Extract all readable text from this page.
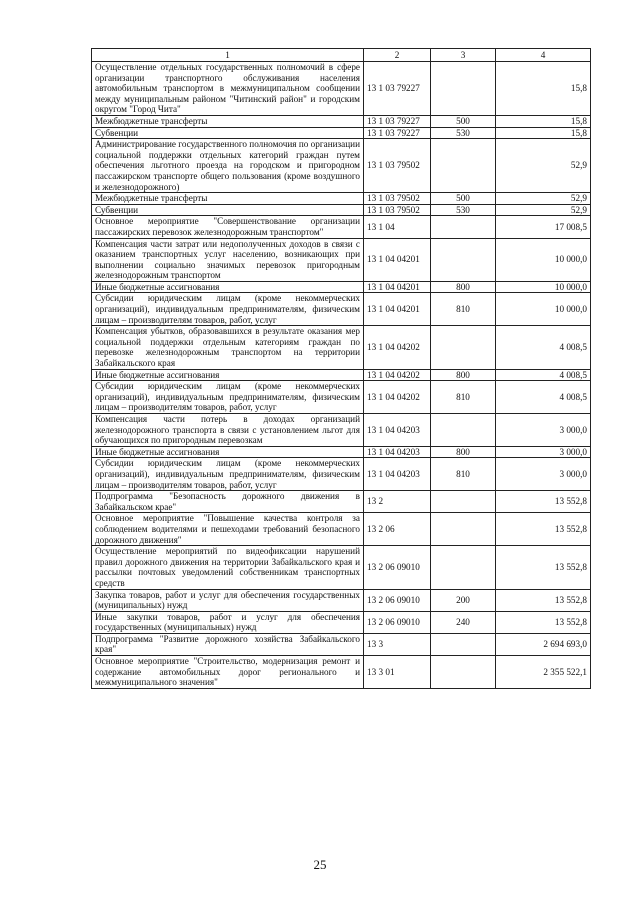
1	2	3	4
Осуществление отдельных государственных полномочий в сфере организации транспортного обслуживания населения автомобильным транспортом в межмуниципальном сообщении между муниципальным районом "Читинский район" и городским округом "Город Чита"	13 1 03 79227		15,8
Межбюджетные трансферты	13 1 03 79227	500	15,8
Субвенции	13 1 03 79227	530	15,8
Администрирование государственного полномочия по организации социальной поддержки отдельных категорий граждан путем обеспечения льготного проезда на городском и пригородном пассажирском транспорте общего пользования (кроме воздушного и железнодорожного)	13 1 03 79502		52,9
Межбюджетные трансферты	13 1 03 79502	500	52,9
Субвенции	13 1 03 79502	530	52,9
Основное мероприятие "Совершенствование организации пассажирских перевозок железнодорожным транспортом"	13 1 04		17 008,5
Компенсация части затрат или недополученных доходов в связи с оказанием транспортных услуг населению, возникающих при выполнении социально значимых перевозок пригородным железнодорожным транспортом	13 1 04 04201		10 000,0
Иные бюджетные ассигнования	13 1 04 04201	800	10 000,0
Субсидии юридическим лицам (кроме некоммерческих организаций), индивидуальным предпринимателям, физическим лицам – производителям товаров, работ, услуг	13 1 04 04201	810	10 000,0
Компенсация убытков, образовавшихся в результате оказания мер социальной поддержки отдельным категориям граждан по перевозке железнодорожным транспортом на территории Забайкальского края	13 1 04 04202		4 008,5
Иные бюджетные ассигнования	13 1 04 04202	800	4 008,5
Субсидии юридическим лицам (кроме некоммерческих организаций), индивидуальным предпринимателям, физическим лицам – производителям товаров, работ, услуг	13 1 04 04202	810	4 008,5
Компенсация части потерь в доходах организаций железнодорожного транспорта в связи с установлением льгот для обучающихся по пригородным перевозкам	13 1 04 04203		3 000,0
Иные бюджетные ассигнования	13 1 04 04203	800	3 000,0
Субсидии юридическим лицам (кроме некоммерческих организаций), индивидуальным предпринимателям, физическим лицам – производителям товаров, работ, услуг	13 1 04 04203	810	3 000,0
Подпрограмма "Безопасность дорожного движения в Забайкальском крае"	13 2		13 552,8
Основное мероприятие "Повышение качества контроля за соблюдением водителями и пешеходами требований безопасного дорожного движения"	13 2 06		13 552,8
Осуществление мероприятий по видеофиксации нарушений правил дорожного движения на территории Забайкальского края и рассылки почтовых уведомлений собственникам транспортных средств	13 2 06 09010		13 552,8
Закупка товаров, работ и услуг для обеспечения государственных (муниципальных) нужд	13 2 06 09010	200	13 552,8
Иные закупки товаров, работ и услуг для обеспечения государственных (муниципальных) нужд	13 2 06 09010	240	13 552,8
Подпрограмма "Развитие дорожного хозяйства Забайкальского края"	13 3		2 694 693,0
Основное мероприятие "Строительство, модернизация ремонт и содержание автомобильных дорог регионального и межмуниципального значения"	13 3 01		2 355 522,1
25
